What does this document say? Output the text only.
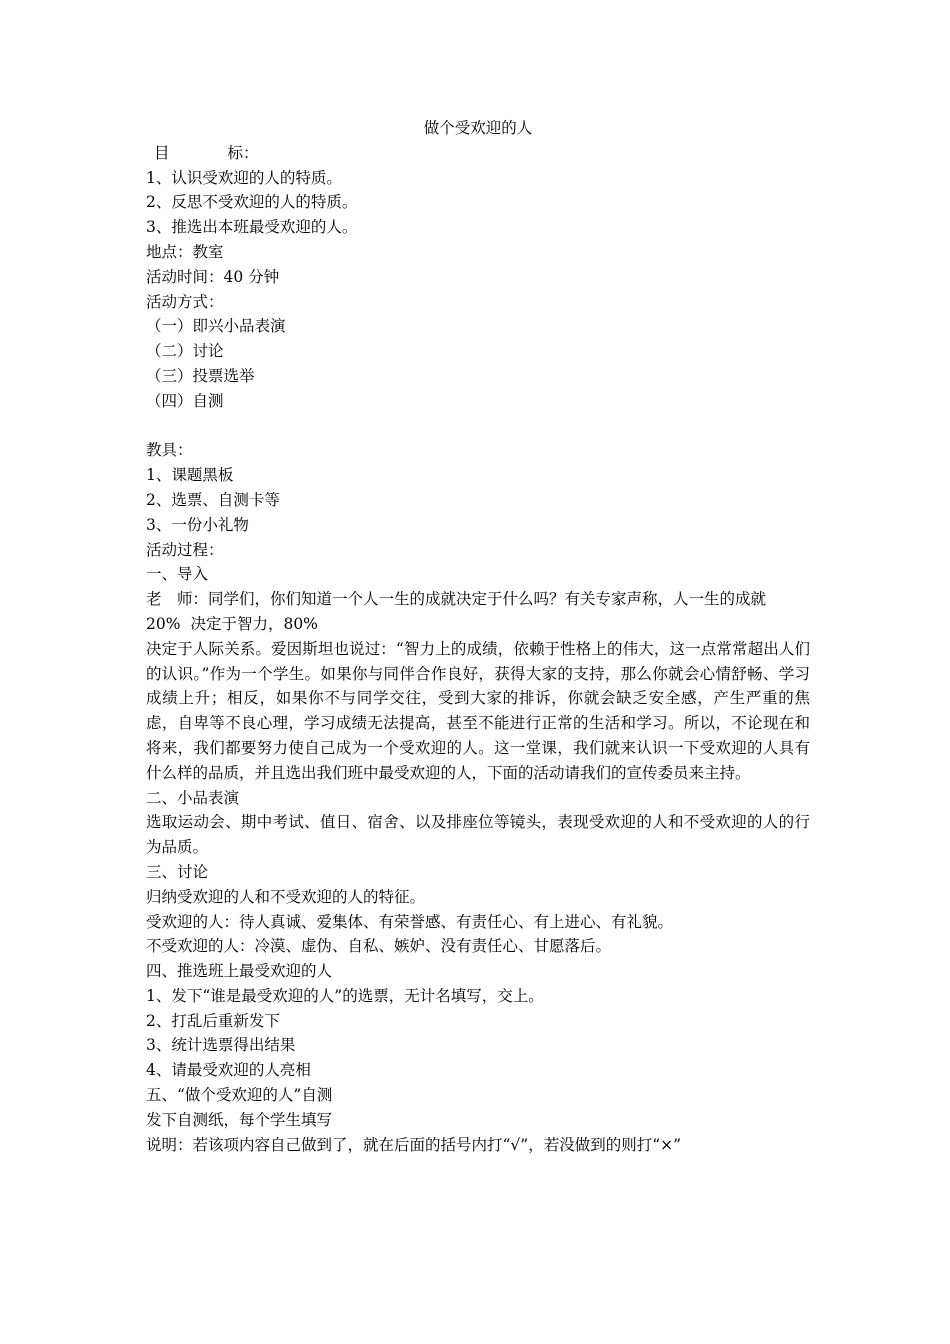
做个受欢迎的人

目	标：

1、认识受欢迎的人的特质。

2、反思不受欢迎的人的特质。

3、推选出本班最受欢迎的人。

地点：教室

活动时间：40 分钟

活动方式：

（一）即兴小品表演

（二）讨论

（三）投票选举

（四）自测

教具：

1、课题黑板

2、选票、自测卡等

3、一份小礼物

活动过程：

一、导入

老　师：同学们，你们知道一个人一生的成就决定于什么吗？有关专家声称，人一生的成就

20% 决定于智力，80%

决定于人际关系。爱因斯坦也说过：“智力上的成绩，依赖于性格上的伟大，这一点常常超出人们的认识。”作为一个学生。如果你与同伴合作良好，获得大家的支持，那么你就会心情舒畅、学习成绩上升；相反，如果你不与同学交往，受到大家的排诉，你就会缺乏安全感，产生严重的焦虑，自卑等不良心理，学习成绩无法提高，甚至不能进行正常的生活和学习。所以，不论现在和将来，我们都要努力使自己成为一个受欢迎的人。这一堂课，我们就来认识一下受欢迎的人具有什么样的品质，并且选出我们班中最受欢迎的人，下面的活动请我们的宣传委员来主持。

二、小品表演

选取运动会、期中考试、值日、宿舍、以及排座位等镜头，表现受欢迎的人和不受欢迎的人的行为品质。

三、讨论

归纳受欢迎的人和不受欢迎的人的特征。

受欢迎的人：待人真诚、爱集体、有荣誉感、有责任心、有上进心、有礼貌。

不受欢迎的人：冷漠、虚伪、自私、嫉妒、没有责任心、甘愿落后。

四、推选班上最受欢迎的人

1、发下“谁是最受欢迎的人”的选票，无计名填写，交上。

2、打乱后重新发下

3、统计选票得出结果

4、请最受欢迎的人亮相

五、“做个受欢迎的人”自测

发下自测纸，每个学生填写

说明：若该项内容自己做到了，就在后面的括号内打“√”，若没做到的则打“×”
